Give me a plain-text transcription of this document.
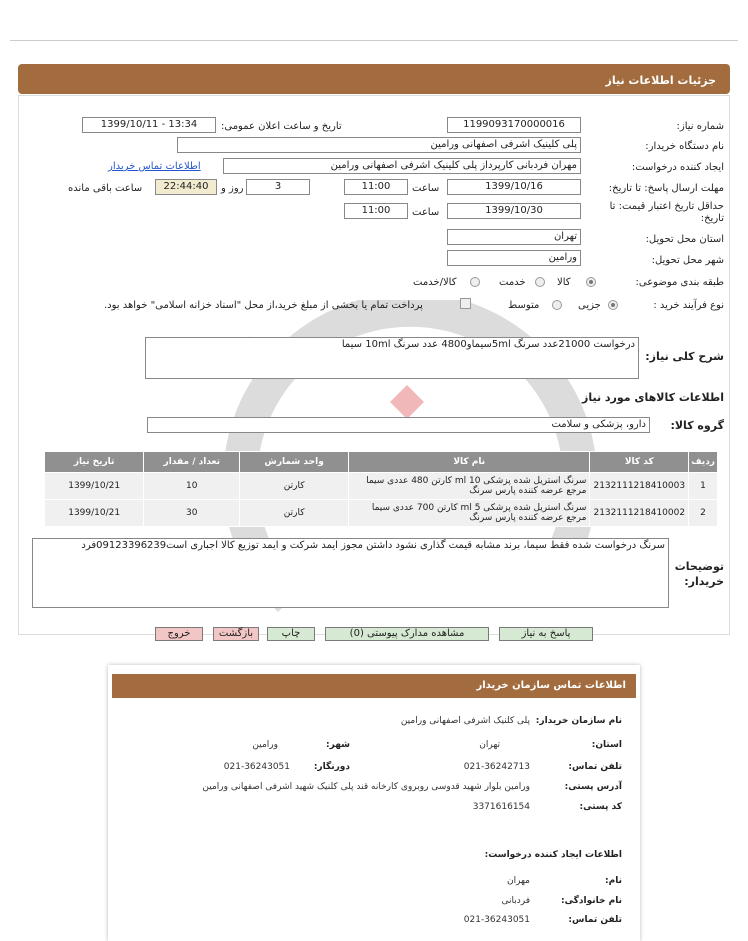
جزئیات اطلاعات نیاز
شماره نیاز:
1199093170000016
تاریخ و ساعت اعلان عمومی:
1399/10/11 - 13:34
نام دستگاه خریدار:
پلی کلینیک اشرفی اصفهانی ورامین
ایجاد کننده درخواست:
مهران فردبانی کارپرداز پلی کلینیک اشرفی اصفهانی ورامین
اطلاعات تماس خریدار
مهلت ارسال پاسخ: تا تاریخ:
1399/10/16
ساعت
11:00
3
روز و
22:44:40
ساعت باقی مانده
حداقل تاریخ اعتبار قیمت: تا
تاریخ:
1399/10/30
ساعت
11:00
استان محل تحویل:
تهران
شهر محل تحویل:
ورامین
طبقه بندی موضوعی:
کالا
خدمت
کالا/خدمت
نوع فرآیند خرید :
جزیی
متوسط
پرداخت تمام یا بخشی از مبلغ خرید،از محل "اسناد خزانه اسلامی" خواهد بود.
شرح کلی نیاز:
درخواست 21000عدد سرنگ 5mlسیماو4800 عدد سرنگ 10ml سیما
اطلاعات کالاهای مورد نیاز
گروه کالا:
دارو، پزشکی و سلامت
ردیف	کد کالا	نام کالا	واحد شمارش	تعداد / مقدار	تاریخ نیاز
1	2132111218410003	سرنگ استریل شده پزشکی 10 ml کارتن 480 عددی سیما مرجع عرضه کننده پارس سرنگ	کارتن	10	1399/10/21
2	2132111218410002	سرنگ استریل شده پزشکی 5 ml کارتن 700 عددی سیما مرجع عرضه کننده پارس سرنگ	کارتن	30	1399/10/21
توضیحات
خریدار:
سرنگ درخواست شده فقط سیما، برند مشابه قیمت گذاری نشود داشتن مجوز ایمد شرکت و ایمد توزیع کالا اجباری است09123396239فرد
پاسخ به نیاز
مشاهده مدارک پیوستی (0)
چاپ
بازگشت
خروج
اطلاعات تماس سازمان خریدار
نام سازمان خریدار:
پلی کلنیک اشرفی اصفهانی ورامین
استان:
تهران
شهر:
ورامین
تلفن تماس:
021-36242713
دورنگار:
021-36243051
آدرس پستی:
ورامین بلوار شهید قدوسی روبروی کارخانه قند پلی کلنیک شهید اشرفی اصفهانی ورامین
کد پستی:
3371616154
اطلاعات ایجاد کننده درخواست:
نام:
مهران
نام خانوادگی:
فردبانی
تلفن تماس:
021-36243051
